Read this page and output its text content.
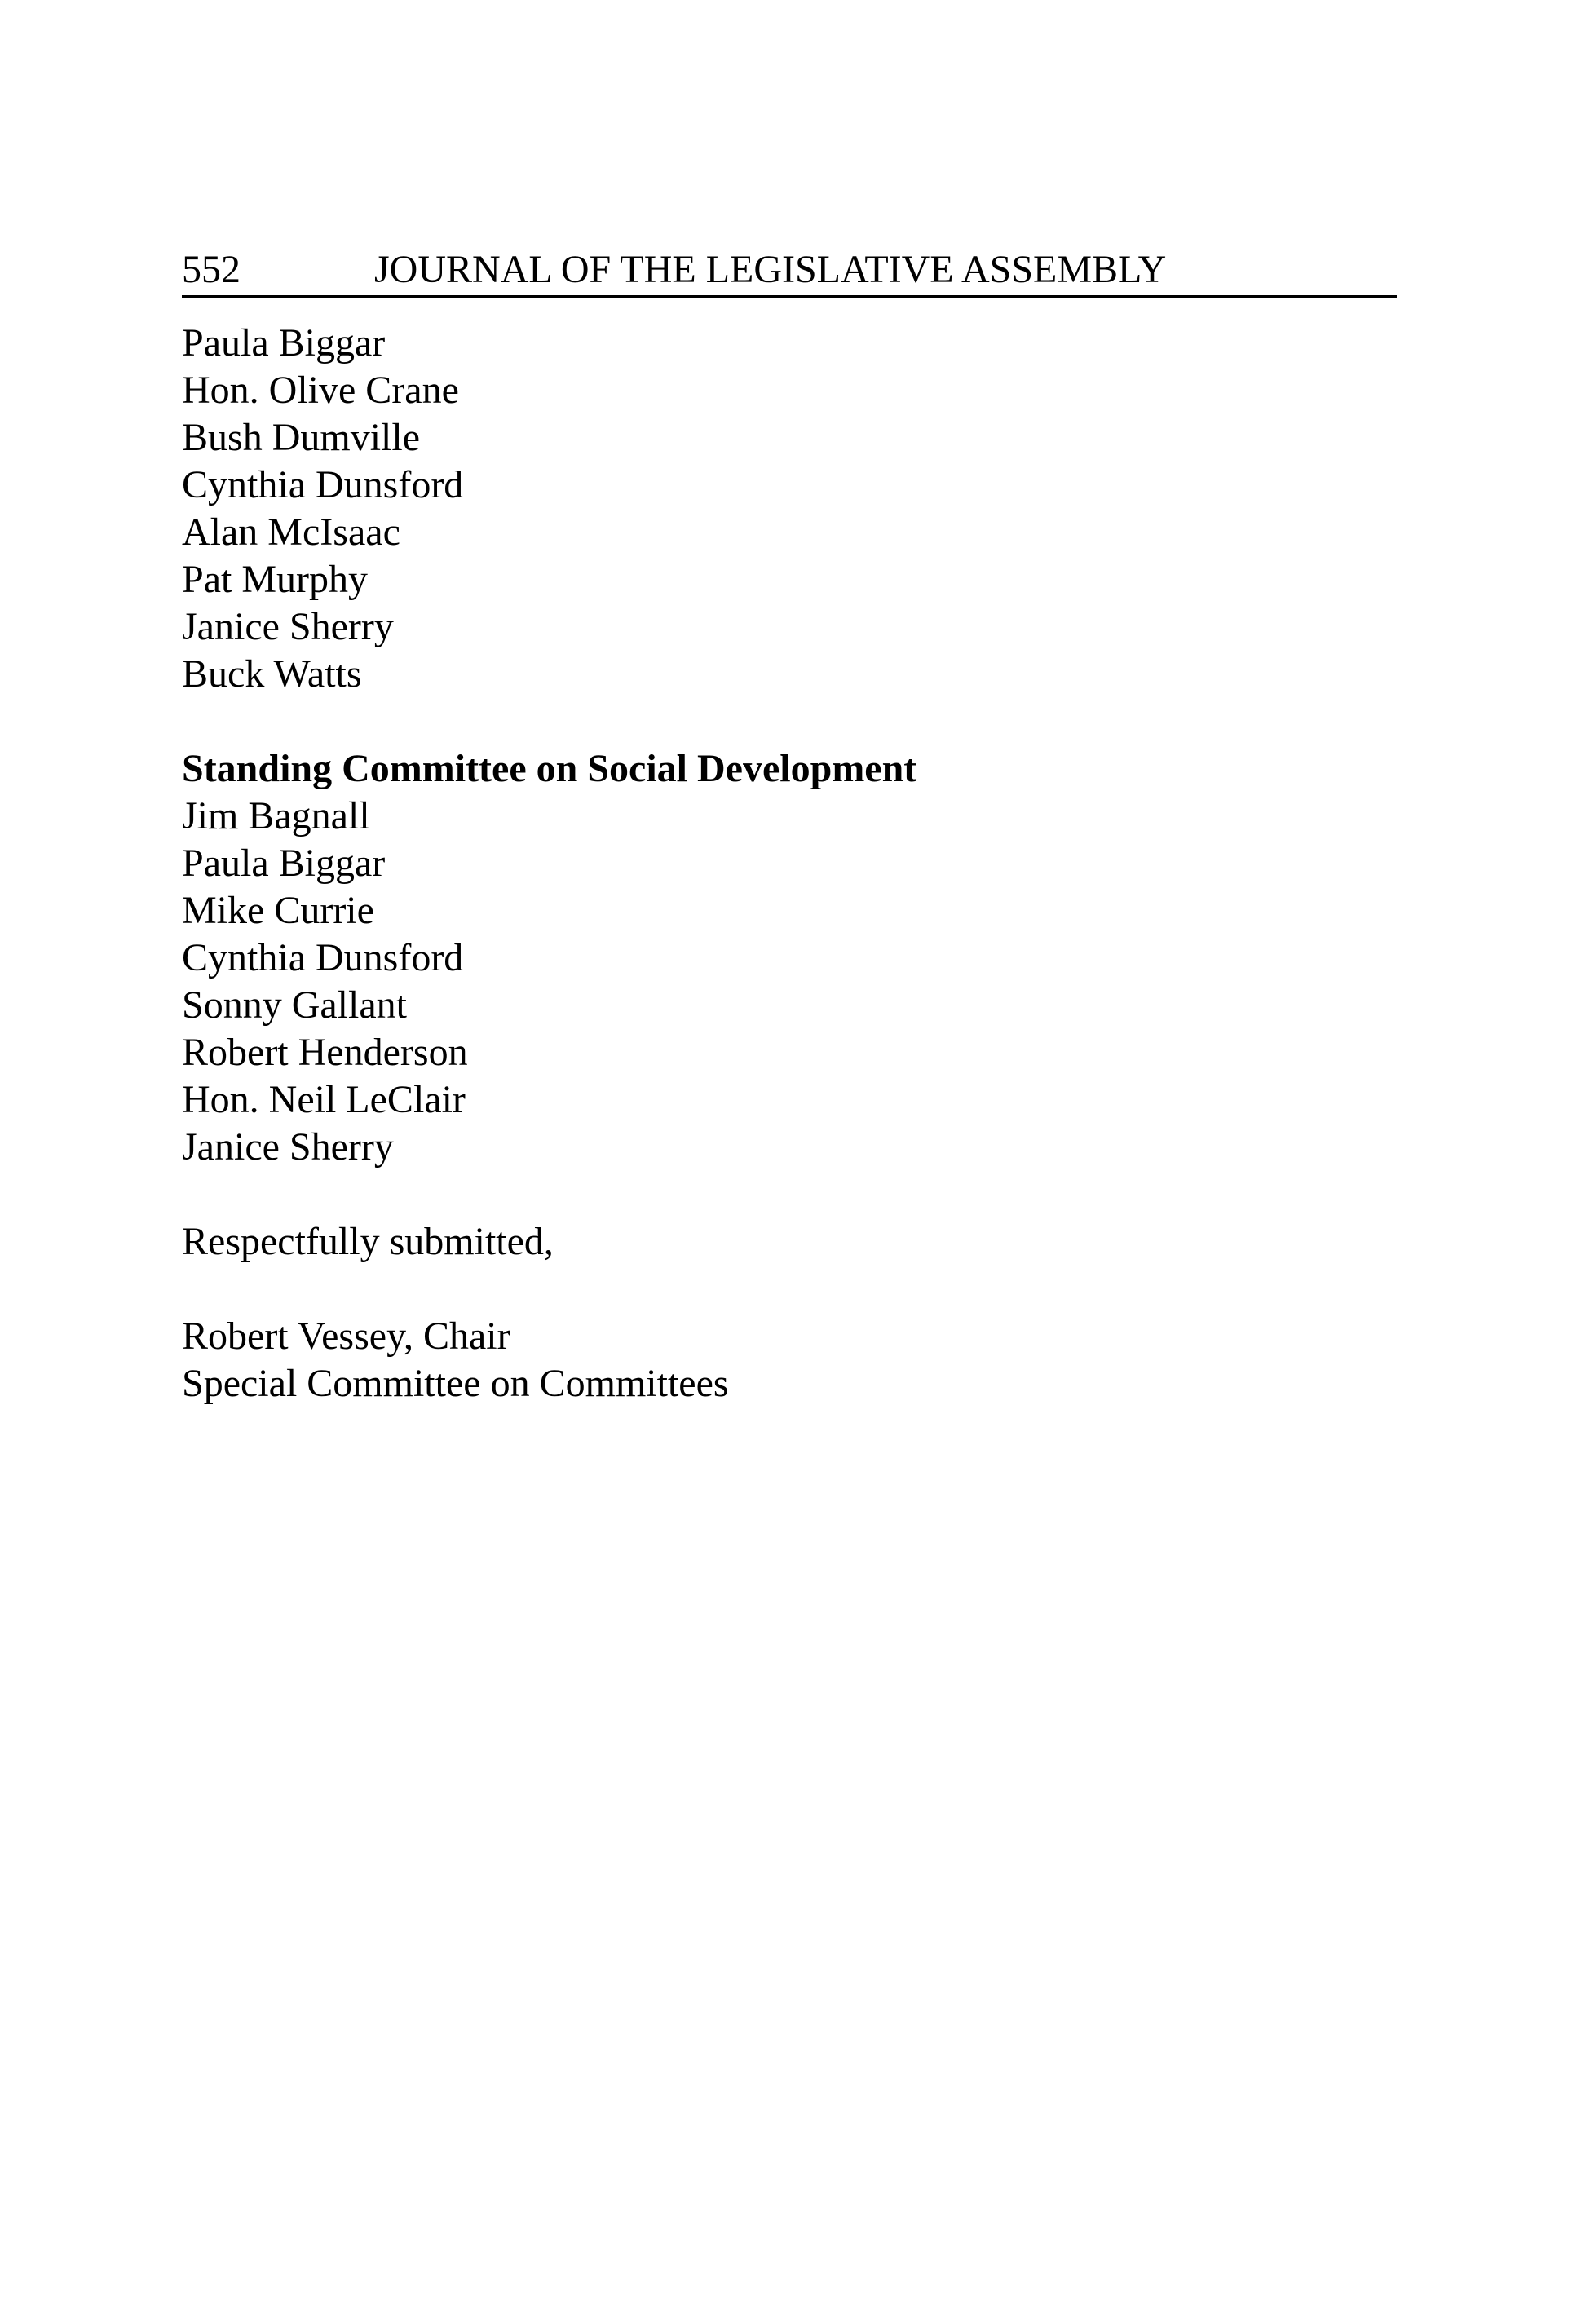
552	JOURNAL OF THE LEGISLATIVE ASSEMBLY
Paula Biggar
Hon. Olive Crane
Bush Dumville
Cynthia Dunsford
Alan McIsaac
Pat Murphy
Janice Sherry
Buck Watts
Standing Committee on Social Development
Jim Bagnall
Paula Biggar
Mike Currie
Cynthia Dunsford
Sonny Gallant
Robert Henderson
Hon. Neil LeClair
Janice Sherry
Respectfully submitted,
Robert Vessey, Chair
Special Committee on Committees
